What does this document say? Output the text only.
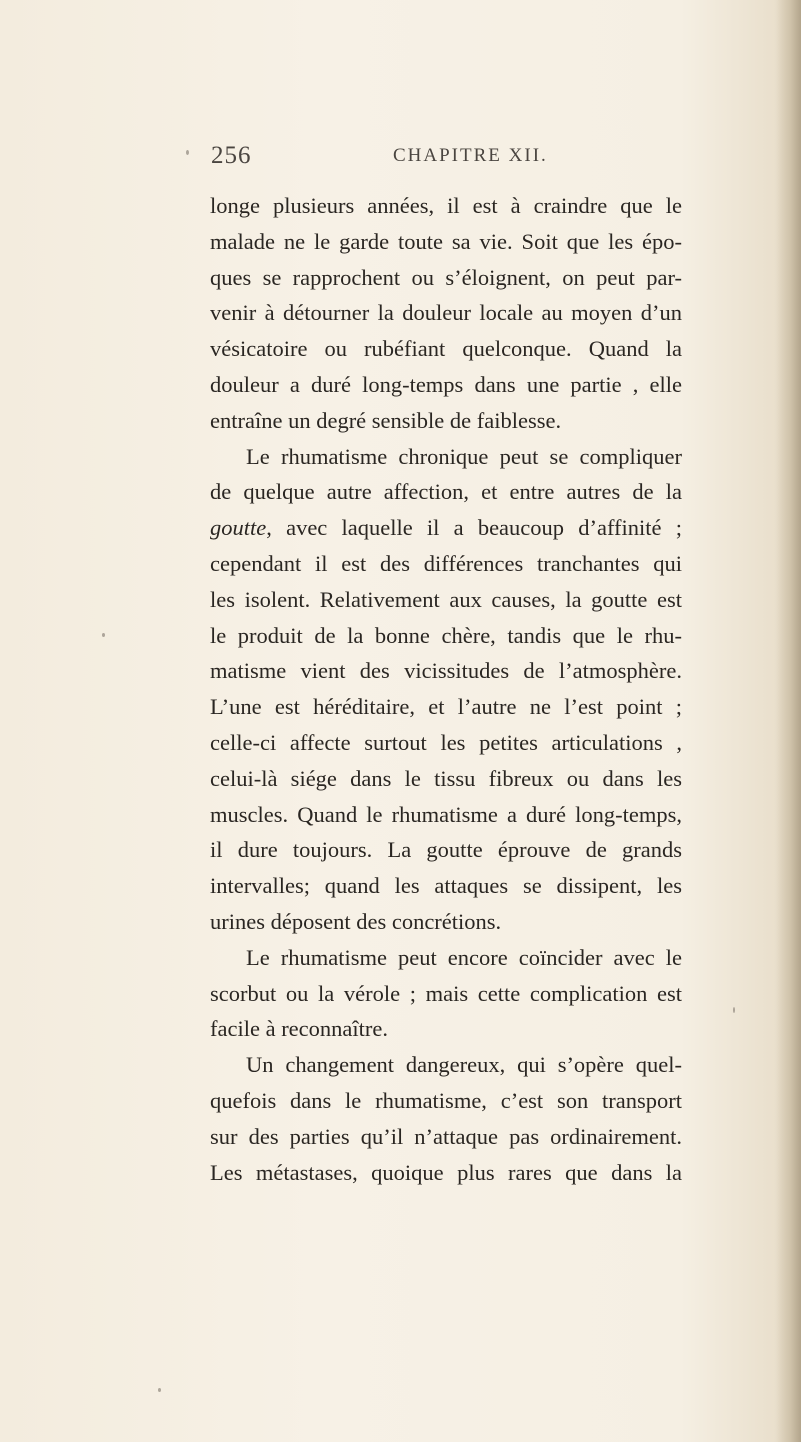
256	CHAPITRE XII.
longe plusieurs années, il est à craindre que le
malade ne le garde toute sa vie. Soit que les épo-
ques se rapprochent ou s’éloignent, on peut par-
venir à détourner la douleur locale au moyen d’un
vésicatoire ou rubéfiant quelconque. Quand la
douleur a duré long-temps dans une partie , elle
entraîne un degré sensible de faiblesse.
Le rhumatisme chronique peut se compliquer
de quelque autre affection, et entre autres de la
goutte, avec laquelle il a beaucoup d’affinité ;
cependant il est des différences tranchantes qui
les isolent. Relativement aux causes, la goutte est
le produit de la bonne chère, tandis que le rhu-
matisme vient des vicissitudes de l’atmosphère.
L’une est héréditaire, et l’autre ne l’est point ;
celle-ci affecte surtout les petites articulations ,
celui-là siége dans le tissu fibreux ou dans les
muscles. Quand le rhumatisme a duré long-temps,
il dure toujours. La goutte éprouve de grands
intervalles; quand les attaques se dissipent, les
urines déposent des concrétions.
Le rhumatisme peut encore coïncider avec le
scorbut ou la vérole ; mais cette complication est
facile à reconnaître.
Un changement dangereux, qui s’opère quel-
quefois dans le rhumatisme, c’est son transport
sur des parties qu’il n’attaque pas ordinairement.
Les métastases, quoique plus rares que dans la
